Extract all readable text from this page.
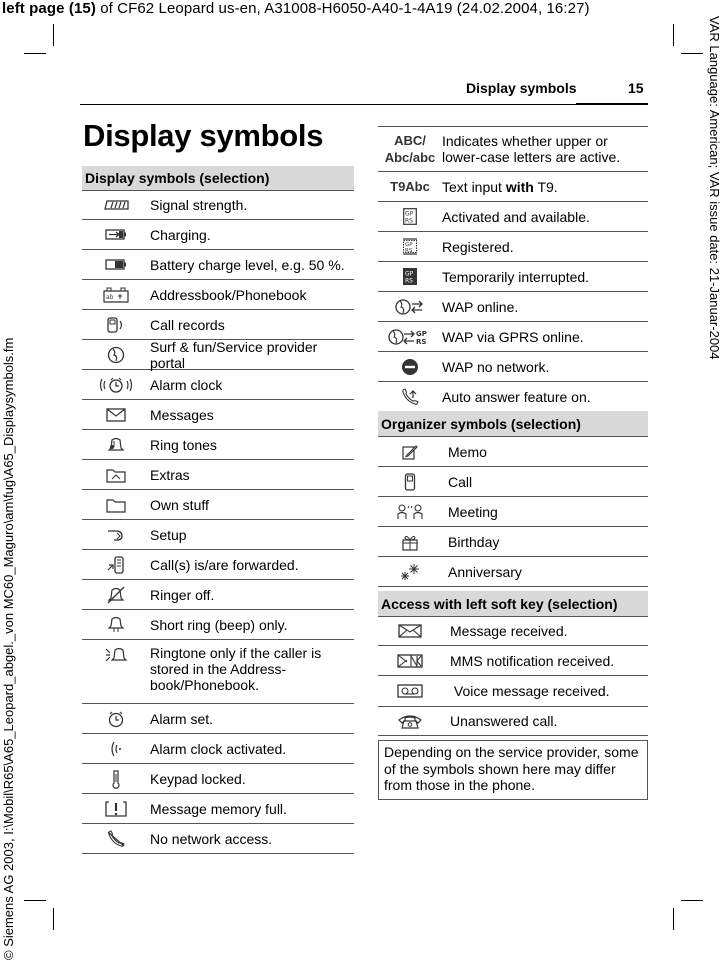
left page (15) of CF62 Leopard us-en, A31008-H6050-A40-1-4A19 (24.02.2004, 16:27)
VAR Language: American; VAR issue date: 21-Januar-2004
© Siemens AG 2003, I:\Mobil\R65\A65_Leopard_abgel._von MC60_Maguro\am\fug\A65_Displaysymbols.fm
Display symbols	15
Display symbols
Display symbols (selection)
Signal strength.
Charging.
Battery charge level, e.g. 50 %.
ab	Addressbook/Phonebook
Call records
Surf & fun/Service provider portal
Alarm clock
Messages
Ring tones
Extras
Own stuff
Setup
Call(s) is/are forwarded.
Ringer off.
Short ring (beep) only.
Ringtone only if the caller is stored in the Address-book/Phonebook.
Alarm set.
Alarm clock activated.
Keypad locked.
Message memory full.
No network access.
ABC/
Abc/abc
Indicates whether upper or lower-case letters are active.
T9Abc Text input with T9.
GP
RS Activated and available.
GP
RS Registered.
GP
RS Temporarily interrupted.
WAP online.
GP
RS WAP via GPRS online.
WAP no network.
Auto answer feature on.
Organizer symbols (selection)
Memo
Call
Meeting
Birthday
Anniversary
Access with left soft key (selection)
Message received.
MMS notification received.
Voice message received.
Unanswered call.
Depending on the service provider, some of the symbols shown here may differ from those in the phone.
